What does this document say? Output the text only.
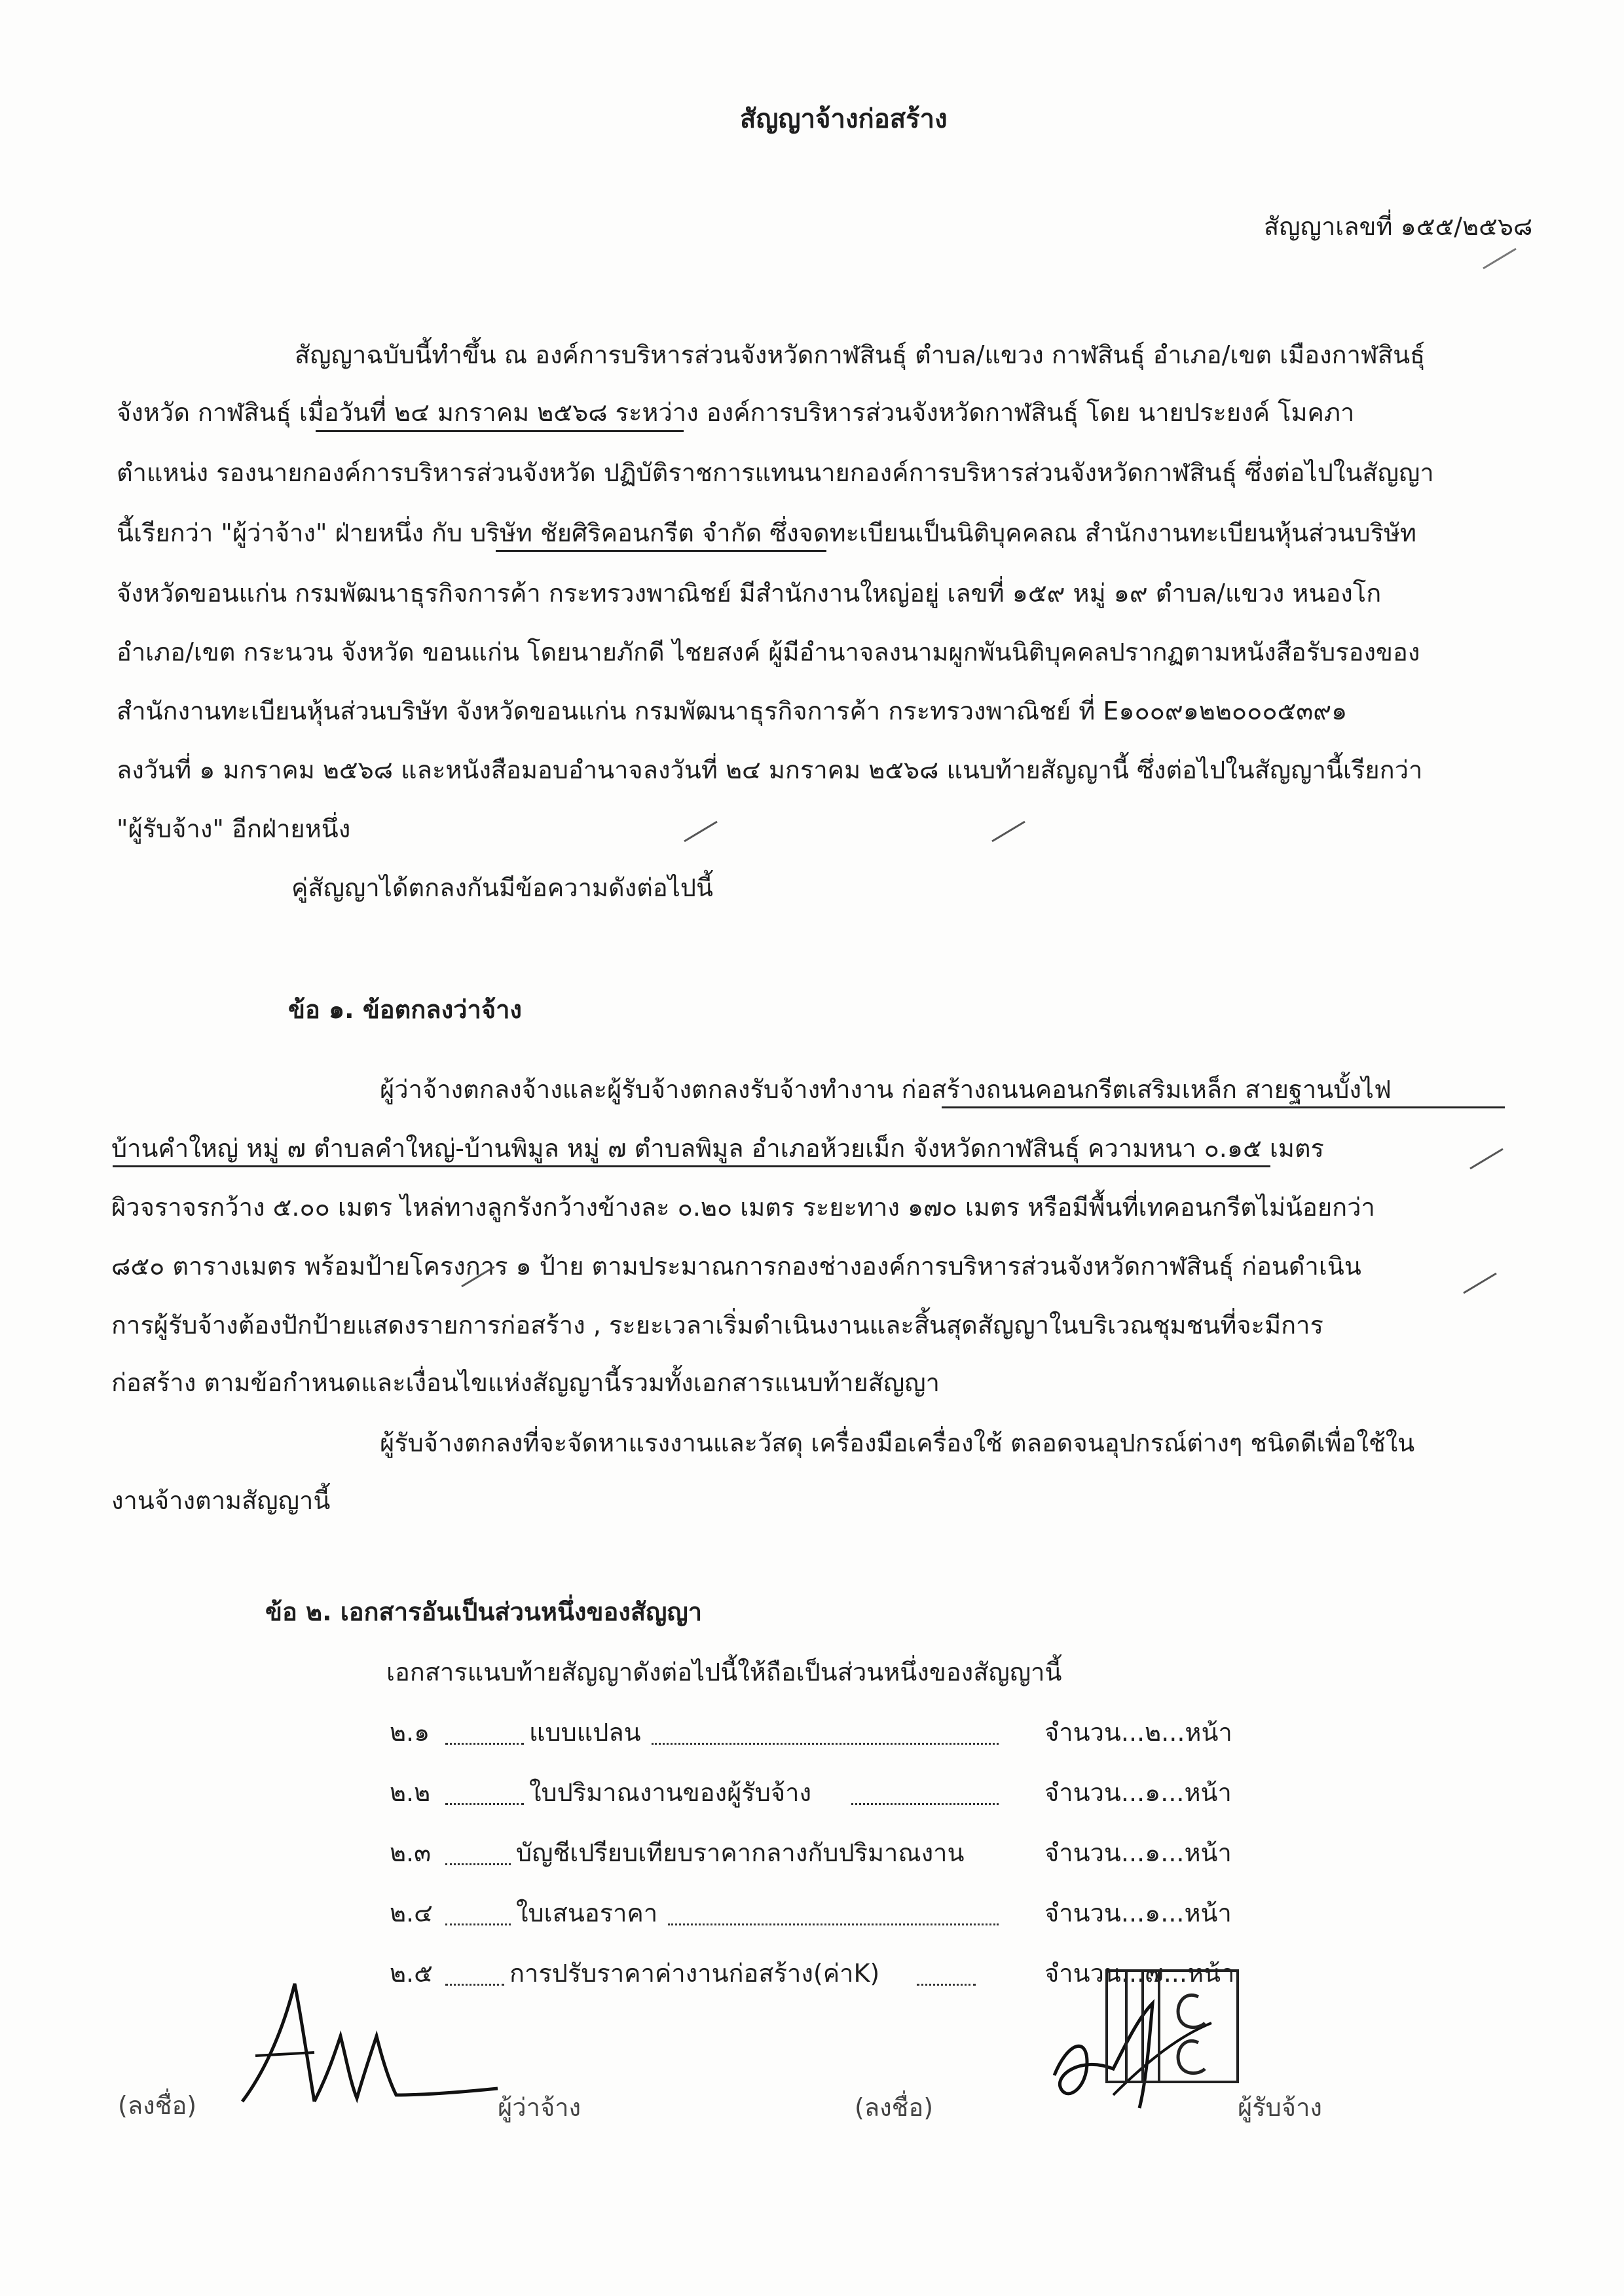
สัญญาจ้างก่อสร้าง
สัญญาเลขที่ ๑๕๕/๒๕๖๘
สัญญาฉบับนี้ทำขึ้น ณ องค์การบริหารส่วนจังหวัดกาฬสินธุ์ ตำบล/แขวง กาฬสินธุ์ อำเภอ/เขต เมืองกาฬสินธุ์
จังหวัด กาฬสินธุ์ เมื่อวันที่ ๒๔ มกราคม ๒๕๖๘ ระหว่าง องค์การบริหารส่วนจังหวัดกาฬสินธุ์ โดย นายประยงค์ โมคภา
ตำแหน่ง รองนายกองค์การบริหารส่วนจังหวัด ปฏิบัติราชการแทนนายกองค์การบริหารส่วนจังหวัดกาฬสินธุ์ ซึ่งต่อไปในสัญญา
นี้เรียกว่า "ผู้ว่าจ้าง" ฝ่ายหนึ่ง กับ บริษัท ชัยศิริคอนกรีต จำกัด ซึ่งจดทะเบียนเป็นนิติบุคคลณ สำนักงานทะเบียนหุ้นส่วนบริษัท
จังหวัดขอนแก่น กรมพัฒนาธุรกิจการค้า กระทรวงพาณิชย์ มีสำนักงานใหญ่อยู่ เลขที่ ๑๕๙ หมู่ ๑๙ ตำบล/แขวง หนองโก
อำเภอ/เขต กระนวน จังหวัด ขอนแก่น โดยนายภักดี ไชยสงค์ ผู้มีอำนาจลงนามผูกพันนิติบุคคลปรากฏตามหนังสือรับรองของ
สำนักงานทะเบียนหุ้นส่วนบริษัท จังหวัดขอนแก่น กรมพัฒนาธุรกิจการค้า กระทรวงพาณิชย์ ที่ E๑๐๐๙๑๒๒๐๐๐๕๓๙๑
ลงวันที่ ๑ มกราคม ๒๕๖๘ และหนังสือมอบอำนาจลงวันที่ ๒๔ มกราคม ๒๕๖๘ แนบท้ายสัญญานี้ ซึ่งต่อไปในสัญญานี้เรียกว่า
"ผู้รับจ้าง" อีกฝ่ายหนึ่ง
คู่สัญญาได้ตกลงกันมีข้อความดังต่อไปนี้
ข้อ ๑. ข้อตกลงว่าจ้าง
ผู้ว่าจ้างตกลงจ้างและผู้รับจ้างตกลงรับจ้างทำงาน ก่อสร้างถนนคอนกรีตเสริมเหล็ก สายฐานบั้งไฟ
บ้านคำใหญ่ หมู่ ๗ ตำบลคำใหญ่-บ้านพิมูล หมู่ ๗ ตำบลพิมูล อำเภอห้วยเม็ก จังหวัดกาฬสินธุ์ ความหนา ๐.๑๕ เมตร
ผิวจราจรกว้าง ๕.๐๐ เมตร ไหล่ทางลูกรังกว้างข้างละ ๐.๒๐ เมตร ระยะทาง ๑๗๐ เมตร หรือมีพื้นที่เทคอนกรีตไม่น้อยกว่า
๘๕๐ ตารางเมตร พร้อมป้ายโครงการ ๑ ป้าย ตามประมาณการกองช่างองค์การบริหารส่วนจังหวัดกาฬสินธุ์ ก่อนดำเนิน
การผู้รับจ้างต้องปักป้ายแสดงรายการก่อสร้าง , ระยะเวลาเริ่มดำเนินงานและสิ้นสุดสัญญาในบริเวณชุมชนที่จะมีการ
ก่อสร้าง ตามข้อกำหนดและเงื่อนไขแห่งสัญญานี้รวมทั้งเอกสารแนบท้ายสัญญา
ผู้รับจ้างตกลงที่จะจัดหาแรงงานและวัสดุ เครื่องมือเครื่องใช้ ตลอดจนอุปกรณ์ต่างๆ ชนิดดีเพื่อใช้ใน
งานจ้างตามสัญญานี้
ข้อ ๒. เอกสารอันเป็นส่วนหนึ่งของสัญญา
เอกสารแนบท้ายสัญญาดังต่อไปนี้ให้ถือเป็นส่วนหนึ่งของสัญญานี้
๒.๑	แบบแปลน	จำนวน...๒...หน้า
๒.๒	ใบปริมาณงานของผู้รับจ้าง	จำนวน...๑...หน้า
๒.๓	บัญชีเปรียบเทียบราคากลางกับปริมาณงาน	จำนวน...๑...หน้า
๒.๔	ใบเสนอราคา	จำนวน...๑...หน้า
๒.๕	การปรับราคาค่างานก่อสร้าง(ค่าK)	จำนวน...๗...หน้า
(ลงชื่อ)	ผู้ว่าจ้าง	(ลงชื่อ)	ผู้รับจ้าง
